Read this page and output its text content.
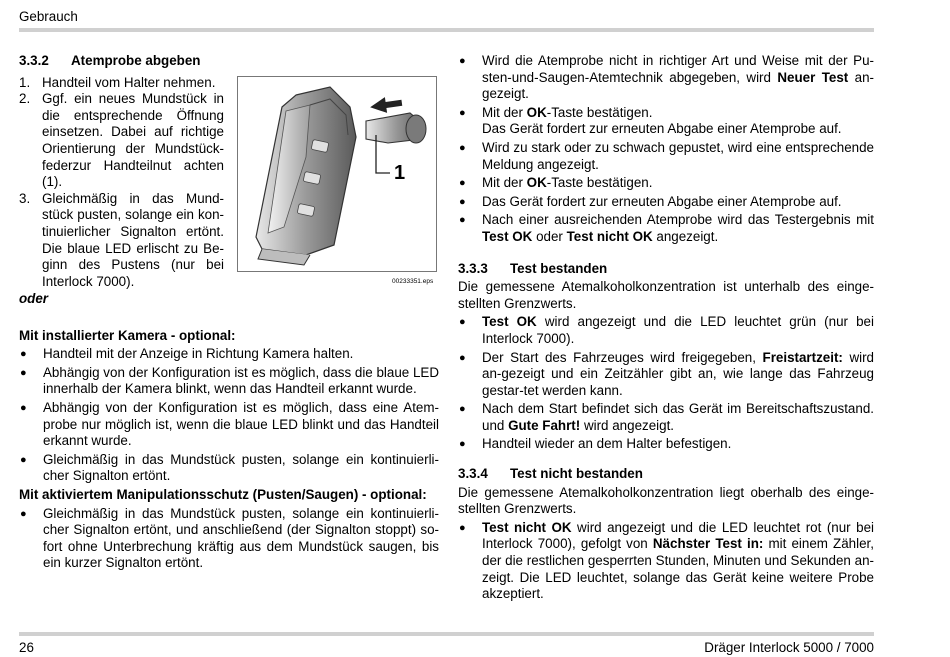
Gebrauch

3.3.2 Atemprobe abgeben

1. Handteil vom Halter nehmen.
2. Ggf. ein neues Mundstück in die entsprechende Öffnung einsetzen. Dabei auf richtige Orientierung der Mundstück-federzur Handteilnut achten (1).
3. Gleichmäßig in das Mund-stück pusten, solange ein kon-tinuierlicher Signalton ertönt. Die blaue LED erlischt zu Be-ginn des Pustens (nur bei Interlock 7000).

oder

Mit installierter Kamera - optional:

● Handteil mit der Anzeige in Richtung Kamera halten.
● Abhängig von der Konfiguration ist es möglich, dass die blaue LED innerhalb der Kamera blinkt, wenn das Handteil erkannt wurde.
● Abhängig von der Konfiguration ist es möglich, dass eine Atem-probe nur möglich ist, wenn die blaue LED blinkt und das Handteil erkannt wurde.
● Gleichmäßig in das Mundstück pusten, solange ein kontinuierli-cher Signalton ertönt.

Mit aktiviertem Manipulationsschutz (Pusten/Saugen) - optional:

● Gleichmäßig in das Mundstück pusten, solange ein kontinuierli-cher Signalton ertönt, und anschließend (der Signalton stoppt) so-fort ohne Unterbrechung kräftig aus dem Mundstück saugen, bis ein kurzer Signalton ertönt.
1
00233351.eps
● Wird die Atemprobe nicht in richtiger Art und Weise mit der Pu-sten-und-Saugen-Atemtechnik abgegeben, wird Neuer Test an-gezeigt.
● Mit der OK-Taste bestätigen.
Das Gerät fordert zur erneuten Abgabe einer Atemprobe auf.
● Wird zu stark oder zu schwach gepustet, wird eine entsprechende Meldung angezeigt.
● Mit der OK-Taste bestätigen.
● Das Gerät fordert zur erneuten Abgabe einer Atemprobe auf.
● Nach einer ausreichenden Atemprobe wird das Testergebnis mit Test OK oder Test nicht OK angezeigt.

3.3.3 Test bestanden

Die gemessene Atemalkoholkonzentration ist unterhalb des einge-stellten Grenzwerts.

● Test OK wird angezeigt und die LED leuchtet grün (nur bei Interlock 7000).
● Der Start des Fahrzeuges wird freigegeben, Freistartzeit: wird an-gezeigt und ein Zeitzähler gibt an, wie lange das Fahrzeug gestar-tet werden kann.
● Nach dem Start befindet sich das Gerät im Bereitschaftszustand. und Gute Fahrt! wird angezeigt.
● Handteil wieder an dem Halter befestigen.

3.3.4 Test nicht bestanden

Die gemessene Atemalkoholkonzentration liegt oberhalb des einge-stellten Grenzwerts.

● Test nicht OK wird angezeigt und die LED leuchtet rot (nur bei Interlock 7000), gefolgt von Nächster Test in: mit einem Zähler, der die restlichen gesperrten Stunden, Minuten und Sekunden an-zeigt. Die LED leuchtet, solange das Gerät keine weitere Probe akzeptiert.
26	Dräger Interlock 5000 / 7000
